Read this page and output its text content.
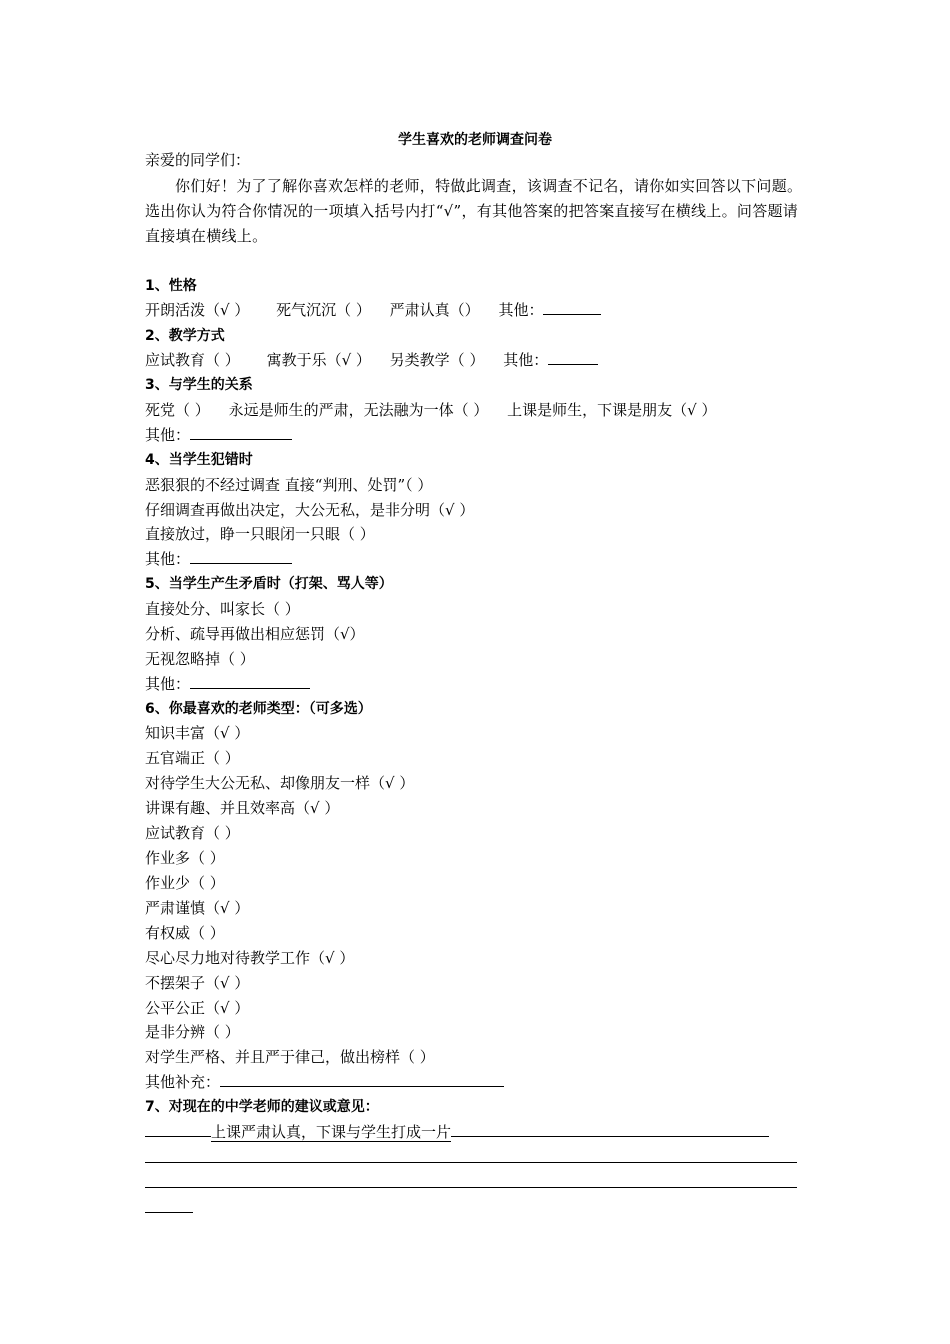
学生喜欢的老师调查问卷
亲爱的同学们：
你们好！为了了解你喜欢怎样的老师，特做此调查，该调查不记名，请你如实回答以下问题。选出你认为符合你情况的一项填入括号内打“√”，有其他答案的把答案直接写在横线上。问答题请直接填在横线上。
1、性格
开朗活泼（√ ） 死气沉沉（ ） 严肃认真（） 其他：
2、教学方式
应试教育（ ） 寓教于乐（√ ） 另类教学（ ） 其他：
3、与学生的关系
死党（ ） 永远是师生的严肃，无法融为一体（ ） 上课是师生，下课是朋友（√ ）
其他：
4、当学生犯错时
恶狠狠的不经过调查 直接“判刑、处罚”（ ）
仔细调查再做出决定，大公无私，是非分明（√ ）
直接放过，睁一只眼闭一只眼（ ）
其他：
5、当学生产生矛盾时（打架、骂人等）
直接处分、叫家长（ ）
分析、疏导再做出相应惩罚（√）
无视忽略掉（ ）
其他：
6、你最喜欢的老师类型：（可多选）
知识丰富（√ ）
五官端正（ ）
对待学生大公无私、却像朋友一样（√ ）
讲课有趣、并且效率高（√ ）
应试教育（ ）
作业多（ ）
作业少（ ）
严肃谨慎（√ ）
有权威（ ）
尽心尽力地对待教学工作（√ ）
不摆架子（√ ）
公平公正（√ ）
是非分辨（ ）
对学生严格、并且严于律己，做出榜样（ ）
其他补充：
7、对现在的中学老师的建议或意见：
上课严肃认真，下课与学生打成一片
